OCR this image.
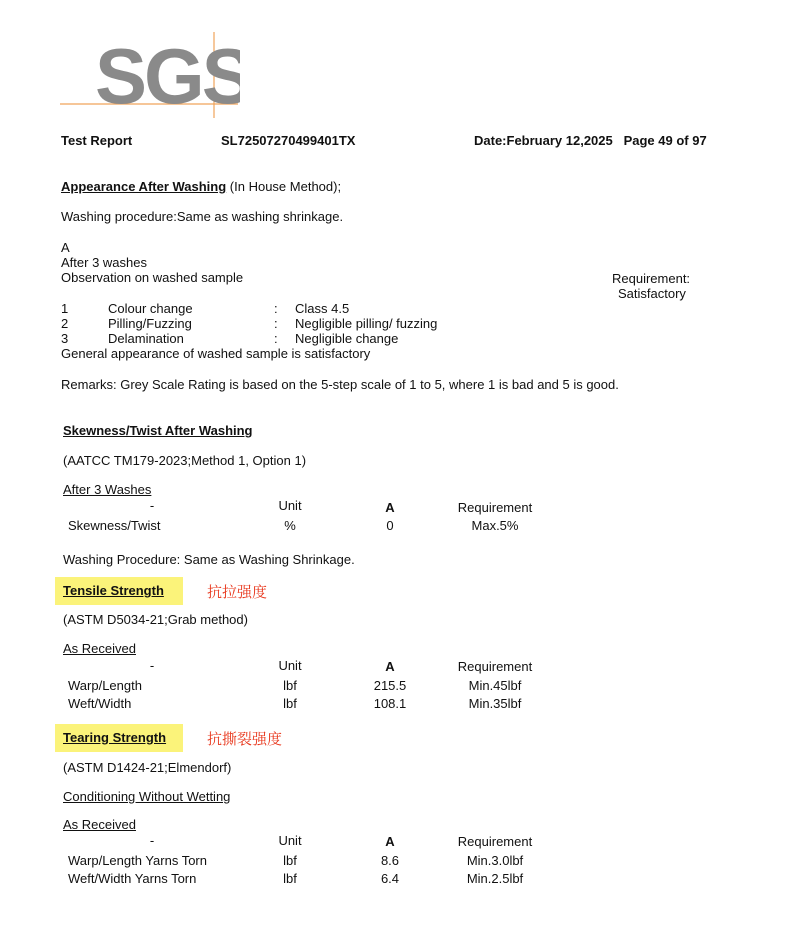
SGS
Test Report	SL72507270499401TX	Date:February 12,2025   Page 49 of 97
Appearance After Washing (In House Method);
Washing procedure:Same as washing shrinkage.
A
After 3 washes
Observation on washed sample	Requirement:
Satisfactory
1	Colour change	: Class 4.5
2	Pilling/Fuzzing	: Negligible pilling/ fuzzing
3	Delamination	: Negligible change
General appearance of washed sample is satisfactory
Remarks: Grey Scale Rating is based on the 5-step scale of 1 to 5, where 1 is bad and 5 is good.
Skewness/Twist After Washing
(AATCC TM179-2023;Method 1, Option 1)
After 3 Washes
-	Unit	A	Requirement
Skewness/Twist	%	0	Max.5%
Washing Procedure: Same as Washing Shrinkage.
Tensile Strength	抗拉强度
(ASTM D5034-21;Grab method)
As Received
-	Unit	A	Requirement
Warp/Length	lbf	215.5	Min.45lbf
Weft/Width	lbf	108.1	Min.35lbf
Tearing Strength	抗撕裂强度
(ASTM D1424-21;Elmendorf)
Conditioning Without Wetting
As Received
-	Unit	A	Requirement
Warp/Length Yarns Torn	lbf	8.6	Min.3.0lbf
Weft/Width Yarns Torn	lbf	6.4	Min.2.5lbf
